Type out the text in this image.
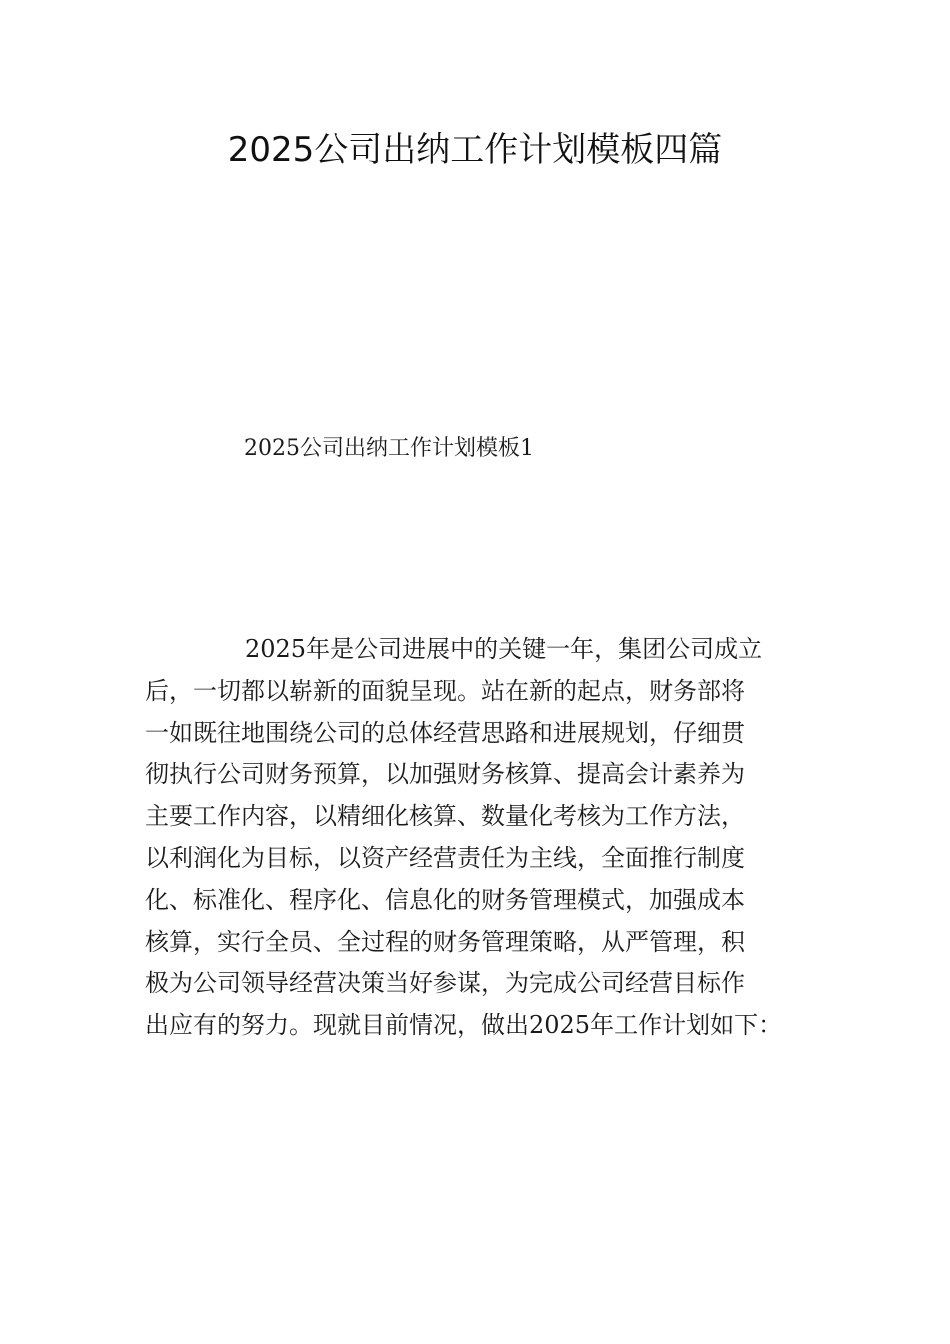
2025公司出纳工作计划模板四篇
2025公司出纳工作计划模板1

2025年是公司进展中的关键一年，集团公司成立
后，一切都以崭新的面貌呈现。站在新的起点，财务部将
一如既往地围绕公司的总体经营思路和进展规划，仔细贯
彻执行公司财务预算，以加强财务核算、提高会计素养为
主要工作内容，以精细化核算、数量化考核为工作方法，
以利润化为目标，以资产经营责任为主线，全面推行制度
化、标准化、程序化、信息化的财务管理模式，加强成本
核算，实行全员、全过程的财务管理策略，从严管理，积
极为公司领导经营决策当好参谋，为完成公司经营目标作
出应有的努力。现就目前情况，做出2025年工作计划如下：
